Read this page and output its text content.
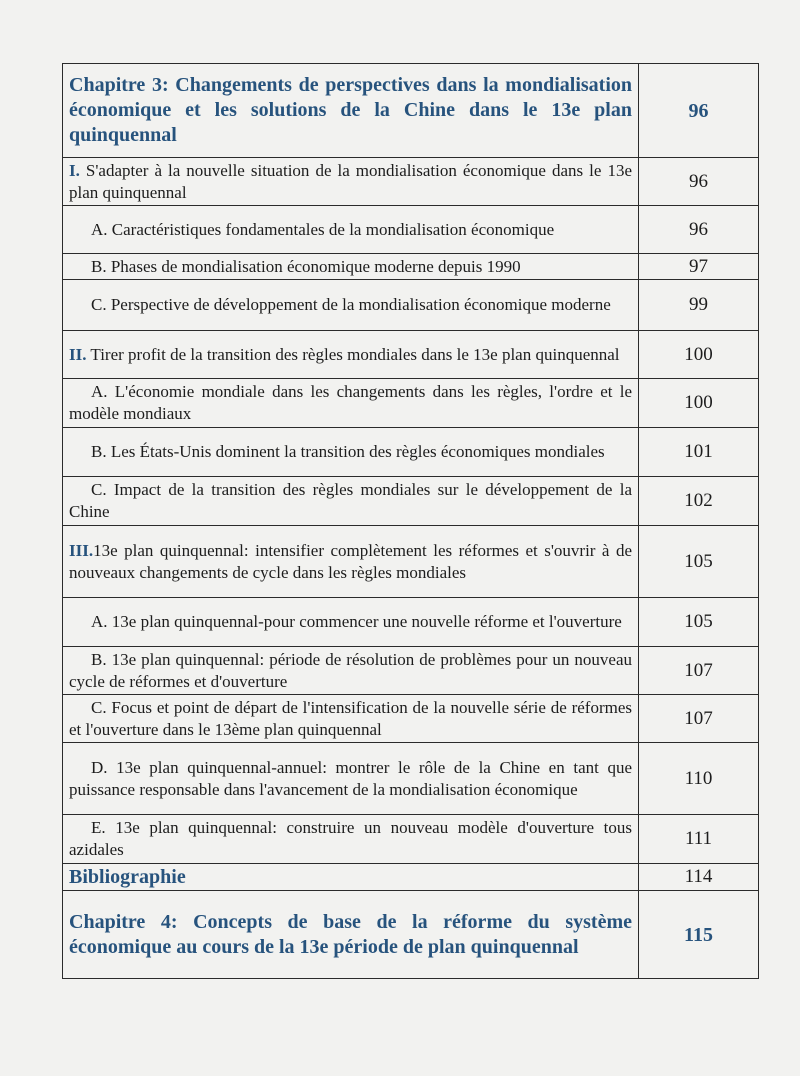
Chapitre 3: Changements de perspectives dans la mondialisation économique et les solutions de la Chine dans le 13e plan quinquennal	96
I. S'adapter à la nouvelle situation de la mondialisation économique dans le 13e plan quinquennal	96
A. Caractéristiques fondamentales de la mondialisation économique	96
B. Phases de mondialisation économique moderne depuis 1990	97
C. Perspective de développement de la mondialisation économique moderne	99
II. Tirer profit de la transition des règles mondiales dans le 13e plan quinquennal	100
A. L'économie mondiale dans les changements dans les règles, l'ordre et le modèle mondiaux	100
B. Les États-Unis dominent la transition des règles économiques mondiales	101
C. Impact de la transition des règles mondiales sur le développement de la Chine	102
III.13e plan quinquennal: intensifier complètement les réformes et s'ouvrir à de nouveaux changements de cycle dans les règles mondiales	105
A. 13e plan quinquennal-pour commencer une nouvelle réforme et l'ouverture	105
B. 13e plan quinquennal: période de résolution de problèmes pour un nouveau cycle de réformes et d'ouverture	107
C. Focus et point de départ de l'intensification de la nouvelle série de réformes et l'ouverture dans le 13ème plan quinquennal	107
D. 13e plan quinquennal-annuel: montrer le rôle de la Chine en tant que puissance responsable dans l'avancement de la mondialisation économique	110
E. 13e plan quinquennal: construire un nouveau modèle d'ouverture tous azidales	111
Bibliographie	114
Chapitre 4: Concepts de base de la réforme du système économique au cours de la 13e période de plan quinquennal	115
